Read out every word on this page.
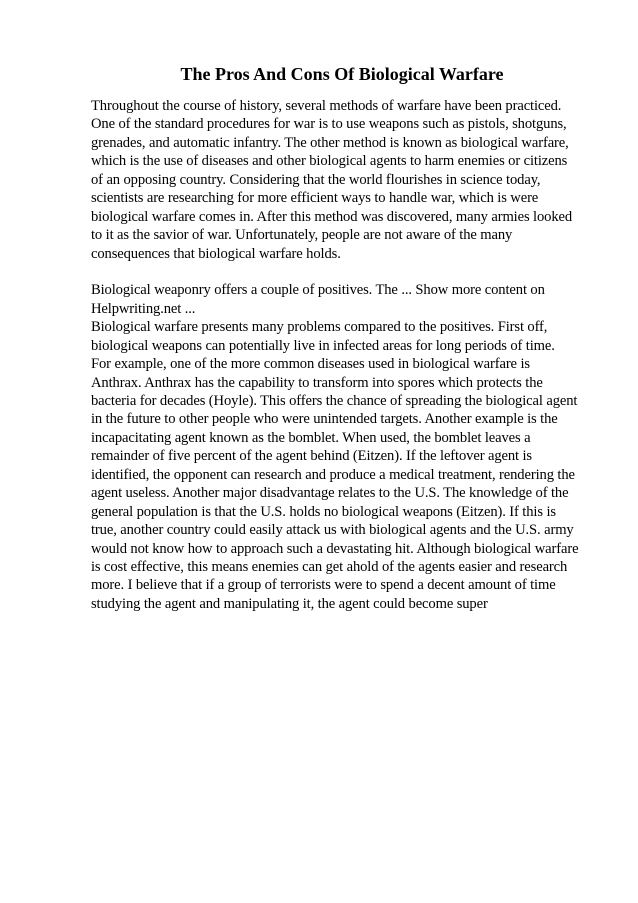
The Pros And Cons Of Biological Warfare
Throughout the course of history, several methods of warfare have been practiced.
One of the standard procedures for war is to use weapons such as pistols, shotguns,
grenades, and automatic infantry. The other method is known as biological warfare,
which is the use of diseases and other biological agents to harm enemies or citizens
of an opposing country. Considering that the world flourishes in science today,
scientists are researching for more efficient ways to handle war, which is were
biological warfare comes in. After this method was discovered, many armies looked
to it as the savior of war. Unfortunately, people are not aware of the many
consequences that biological warfare holds.
Biological weaponry offers a couple of positives. The ... Show more content on
Helpwriting.net ...
Biological warfare presents many problems compared to the positives. First off,
biological weapons can potentially live in infected areas for long periods of time.
For example, one of the more common diseases used in biological warfare is
Anthrax. Anthrax has the capability to transform into spores which protects the
bacteria for decades (Hoyle). This offers the chance of spreading the biological agent
in the future to other people who were unintended targets. Another example is the
incapacitating agent known as the bomblet. When used, the bomblet leaves a
remainder of five percent of the agent behind (Eitzen). If the leftover agent is
identified, the opponent can research and produce a medical treatment, rendering the
agent useless. Another major disadvantage relates to the U.S. The knowledge of the
general population is that the U.S. holds no biological weapons (Eitzen). If this is
true, another country could easily attack us with biological agents and the U.S. army
would not know how to approach such a devastating hit. Although biological warfare
is cost effective, this means enemies can get ahold of the agents easier and research
more. I believe that if a group of terrorists were to spend a decent amount of time
studying the agent and manipulating it, the agent could become super
